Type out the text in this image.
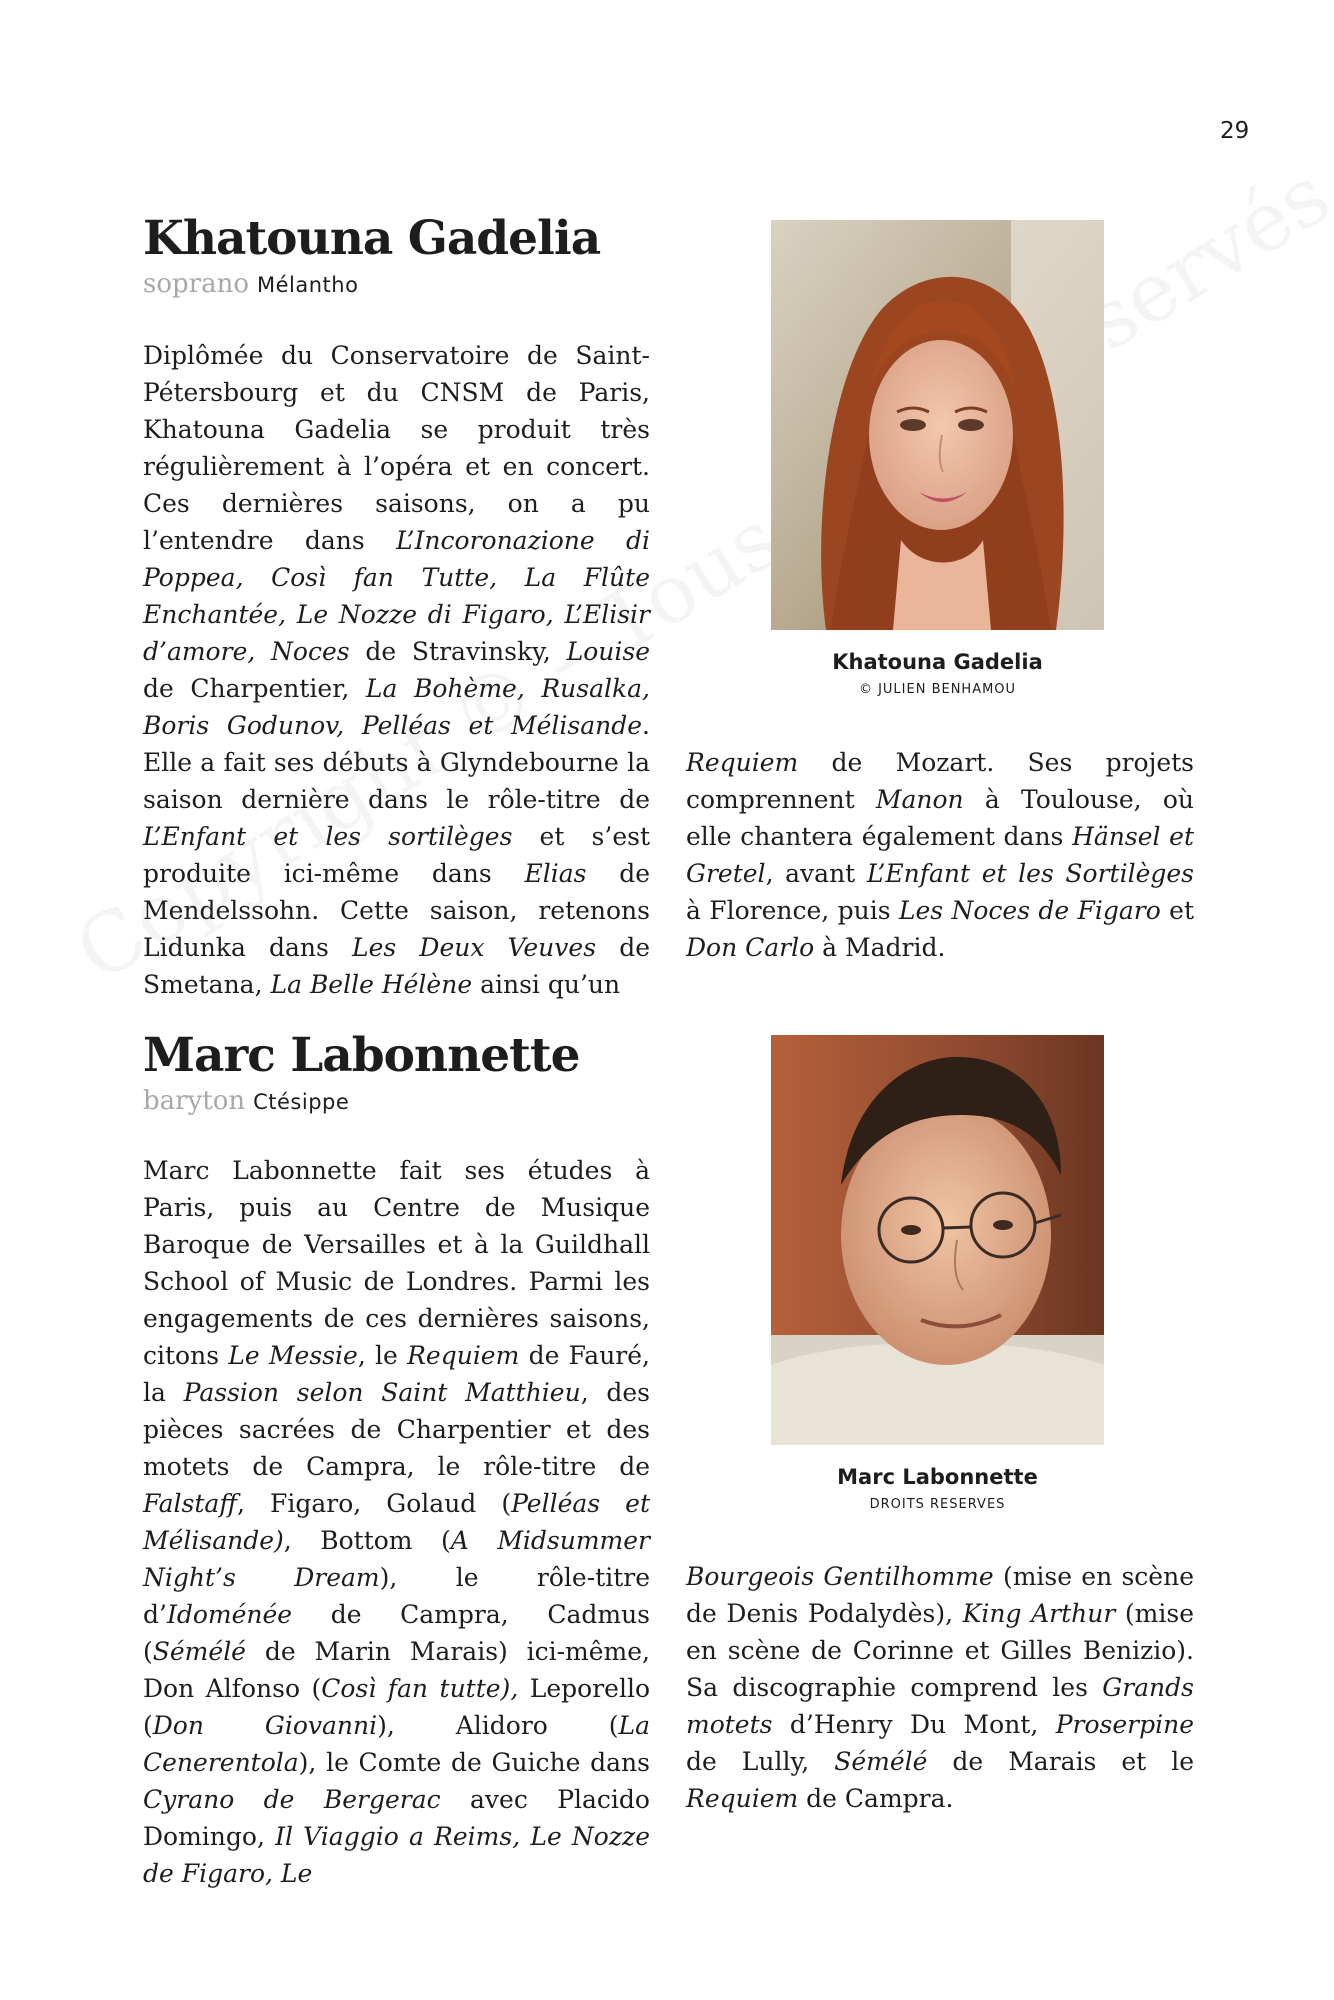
29
Khatouna Gadelia
soprano Mélantho

Diplômée du Conservatoire de Saint-Pétersbourg et du CNSM de Paris, Khatouna Gadelia se produit très régulièrement à l’opéra et en concert. Ces dernières saisons, on a pu l’entendre dans L’Incoronazione di Poppea, Così fan Tutte, La Flûte Enchantée, Le Nozze di Figaro, L’Elisir d’amore, Noces de Stravinsky, Louise de Charpentier, La Bohème, Rusalka, Boris Godunov, Pelléas et Mélisande. Elle a fait ses débuts à Glyndebourne la saison dernière dans le rôle-titre de L’Enfant et les sortilèges et s’est produite ici-même dans Elias de Mendelssohn. Cette saison, retenons Lidunka dans Les Deux Veuves de Smetana, La Belle Hélène ainsi qu’un

Khatouna Gadelia
© JULIEN BENHAMOU

Requiem de Mozart. Ses projets comprennent Manon à Toulouse, où elle chantera également dans Hänsel et Gretel, avant L’Enfant et les Sortilèges à Florence, puis Les Noces de Figaro et Don Carlo à Madrid.

Marc Labonnette
baryton Ctésippe

Marc Labonnette fait ses études à Paris, puis au Centre de Musique Baroque de Versailles et à la Guildhall School of Music de Londres. Parmi les engagements de ces dernières saisons, citons Le Messie, le Requiem de Fauré, la Passion selon Saint Matthieu, des pièces sacrées de Charpentier et des motets de Campra, le rôle-titre de Falstaff, Figaro, Golaud (Pelléas et Mélisande), Bottom (A Midsummer Night’s Dream), le rôle-titre d’Idoménée de Campra, Cadmus (Sémélé de Marin Marais) ici-même, Don Alfonso (Così fan tutte), Leporello (Don Giovanni), Alidoro (La Cenerentola), le Comte de Guiche dans Cyrano de Bergerac avec Placido Domingo, Il Viaggio a Reims, Le Nozze de Figaro, Le

Marc Labonnette
DROITS RESERVES

Bourgeois Gentilhomme (mise en scène de Denis Podalydès), King Arthur (mise en scène de Corinne et Gilles Benizio). Sa discographie comprend les Grands motets d’Henry Du Mont, Proserpine de Lully, Sémélé de Marais et le Requiem de Campra.
